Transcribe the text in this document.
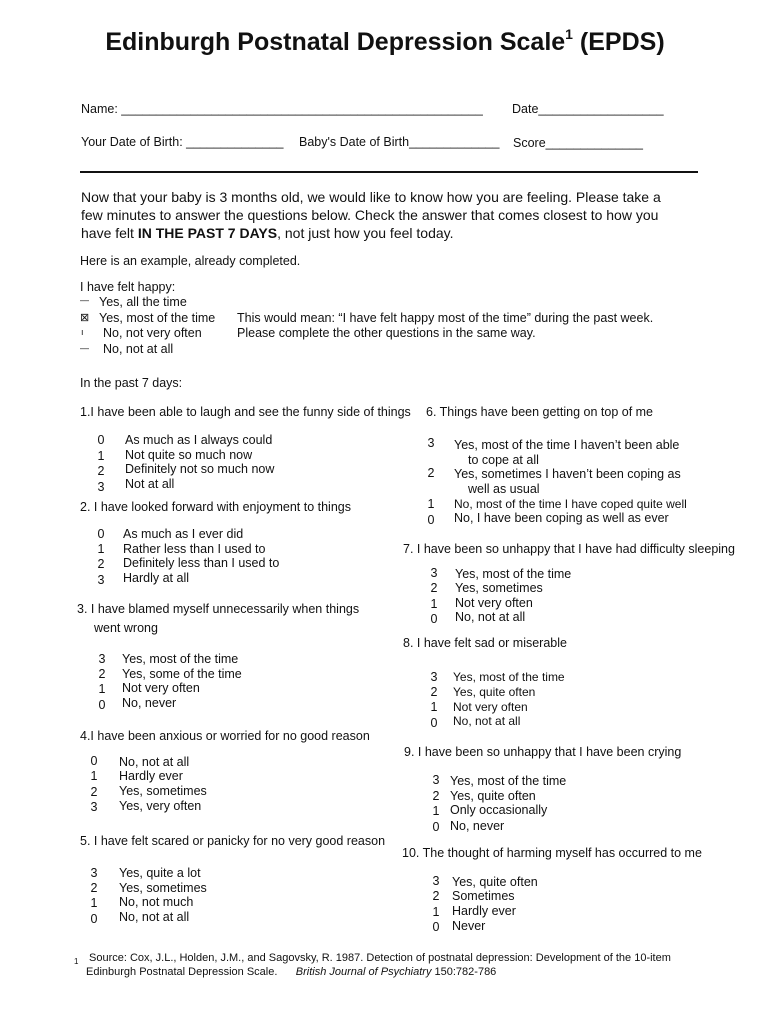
Edinburgh Postnatal Depression Scale$^1$ (EPDS)
Name: ____________________________________________________ Date__________________
Your Date of Birth: ______________ Baby's Date of Birth_____________ Score______________
Now that your baby is 3 months old, we would like to know how you are feeling. Please take a few minutes to answer the questions below. Check the answer that comes closest to how you have felt IN THE PAST 7 DAYS, not just how you feel today.
Here is an example, already completed.
I have felt happy:
— Yes, all the time
⊠ Yes, most of the time
ı No, not very often
— No, not at all
This would mean: “I have felt happy most of the time” during the past week.
Please complete the other questions in the same way.
In the past 7 days:
1.I have been able to laugh and see the funny side of things
0 As much as I always could
1 Not quite so much now
2 Definitely not so much now
3 Not at all
2. I have looked forward with enjoyment to things
0 As much as I ever did
1 Rather less than I used to
2 Definitely less than I used to
3 Hardly at all
3. I have blamed myself unnecessarily when things
went wrong
3 Yes, most of the time
2 Yes, some of the time
1 Not very often
0 No, never
4.I have been anxious or worried for no good reason
0 No, not at all
1 Hardly ever
2 Yes, sometimes
3 Yes, very often
5. I have felt scared or panicky for no very good reason
3 Yes, quite a lot
2 Yes, sometimes
1 No, not much
0 No, not at all
6. Things have been getting on top of me
3 Yes, most of the time I haven’t been able
to cope at all
2 Yes, sometimes I haven’t been coping as
well as usual
1 No, most of the time I have coped quite well
0 No, I have been coping as well as ever
7. I have been so unhappy that I have had difficulty sleeping
3 Yes, most of the time
2 Yes, sometimes
1 Not very often
0 No, not at all
8. I have felt sad or miserable
3 Yes, most of the time
2 Yes, quite often
1 Not very often
0 No, not at all
9. I have been so unhappy that I have been crying
3 Yes, most of the time
2 Yes, quite often
1 Only occasionally
0 No, never
10. The thought of harming myself has occurred to me
3 Yes, quite often
2 Sometimes
1 Hardly ever
0 Never
1 Source: Cox, J.L., Holden, J.M., and Sagovsky, R. 1987. Detection of postnatal depression: Development of the 10-item
Edinburgh Postnatal Depression Scale. British Journal of Psychiatry 150:782-786
